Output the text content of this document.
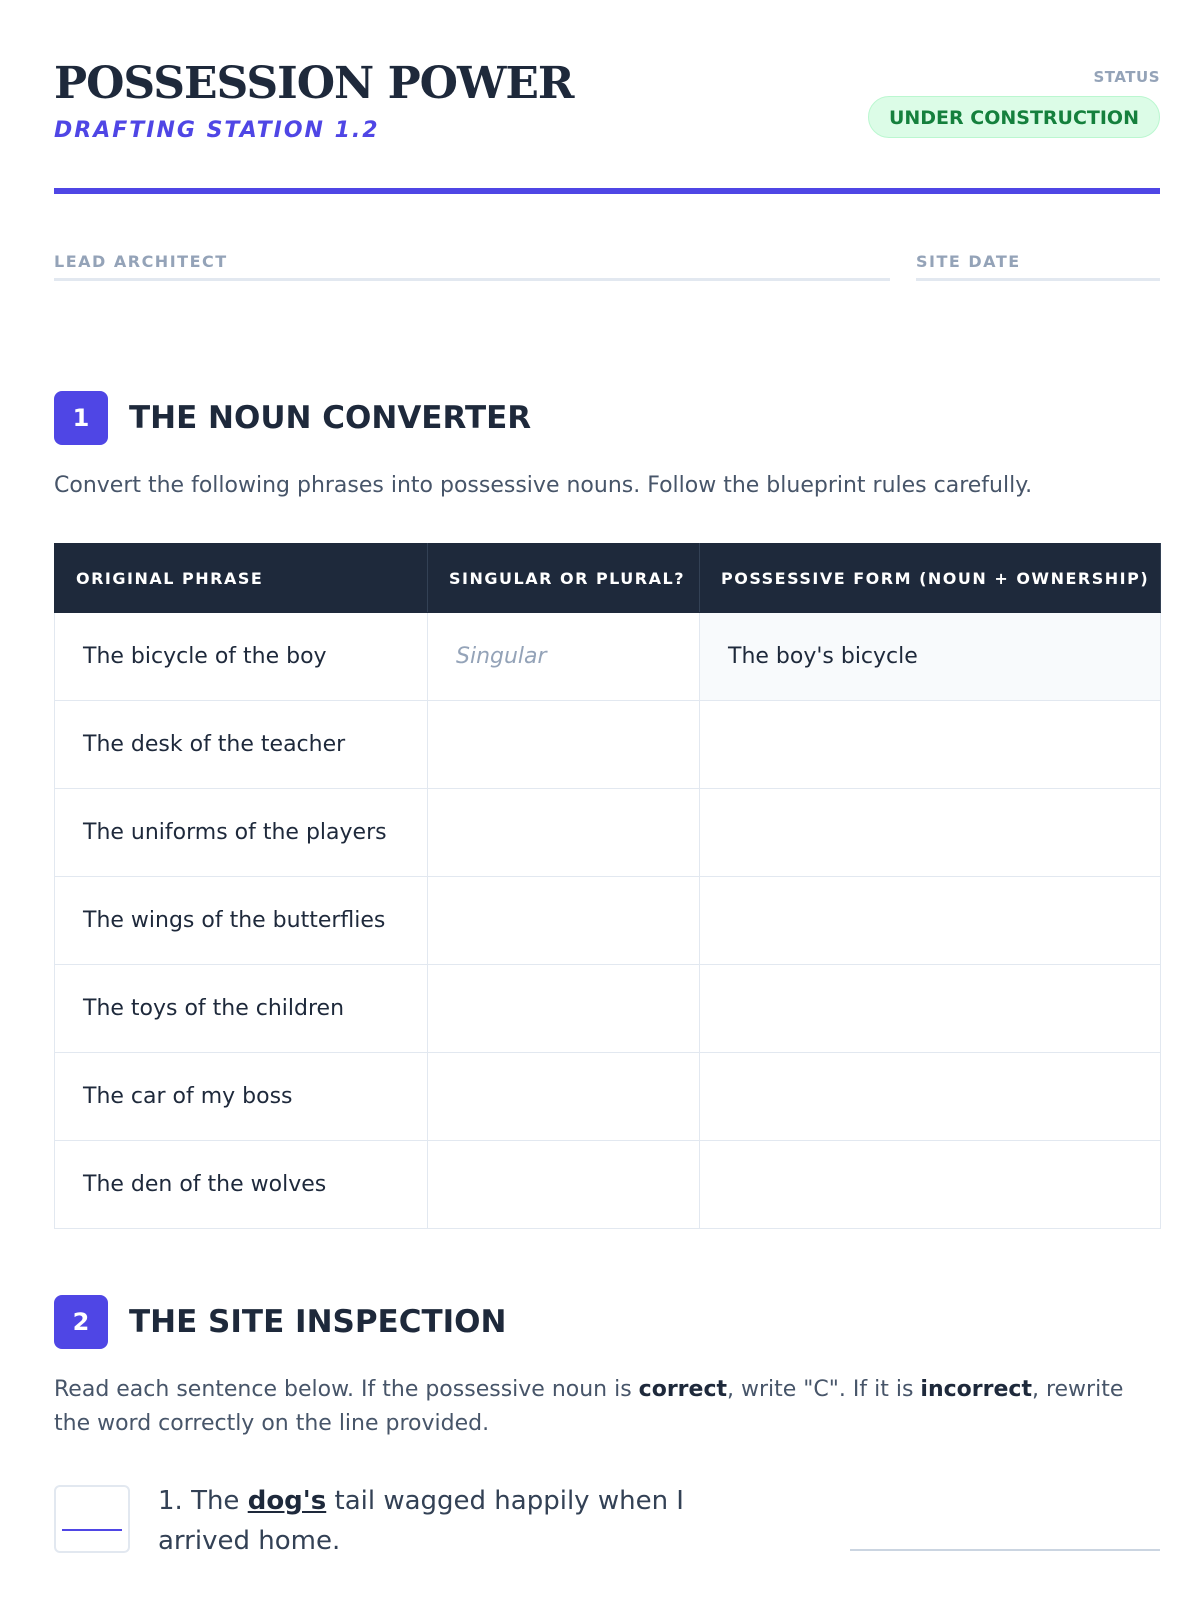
POSSESSION POWER
DRAFTING STATION 1.2
STATUS
UNDER CONSTRUCTION
LEAD ARCHITECT	SITE DATE
1	THE NOUN CONVERTER

Convert the following phrases into possessive nouns. Follow the blueprint rules carefully.

ORIGINAL PHRASE	SINGULAR OR PLURAL?	POSSESSIVE FORM (NOUN + OWNERSHIP)
The bicycle of the boy	Singular	The boy's bicycle
The desk of the teacher		
The uniforms of the players		
The wings of the butterflies		
The toys of the children		
The car of my boss		
The den of the wolves		
2	THE SITE INSPECTION

Read each sentence below. If the possessive noun is correct, write "C". If it is incorrect, rewrite the word correctly on the line provided.

1. The dog's tail wagged happily when I arrived home.
